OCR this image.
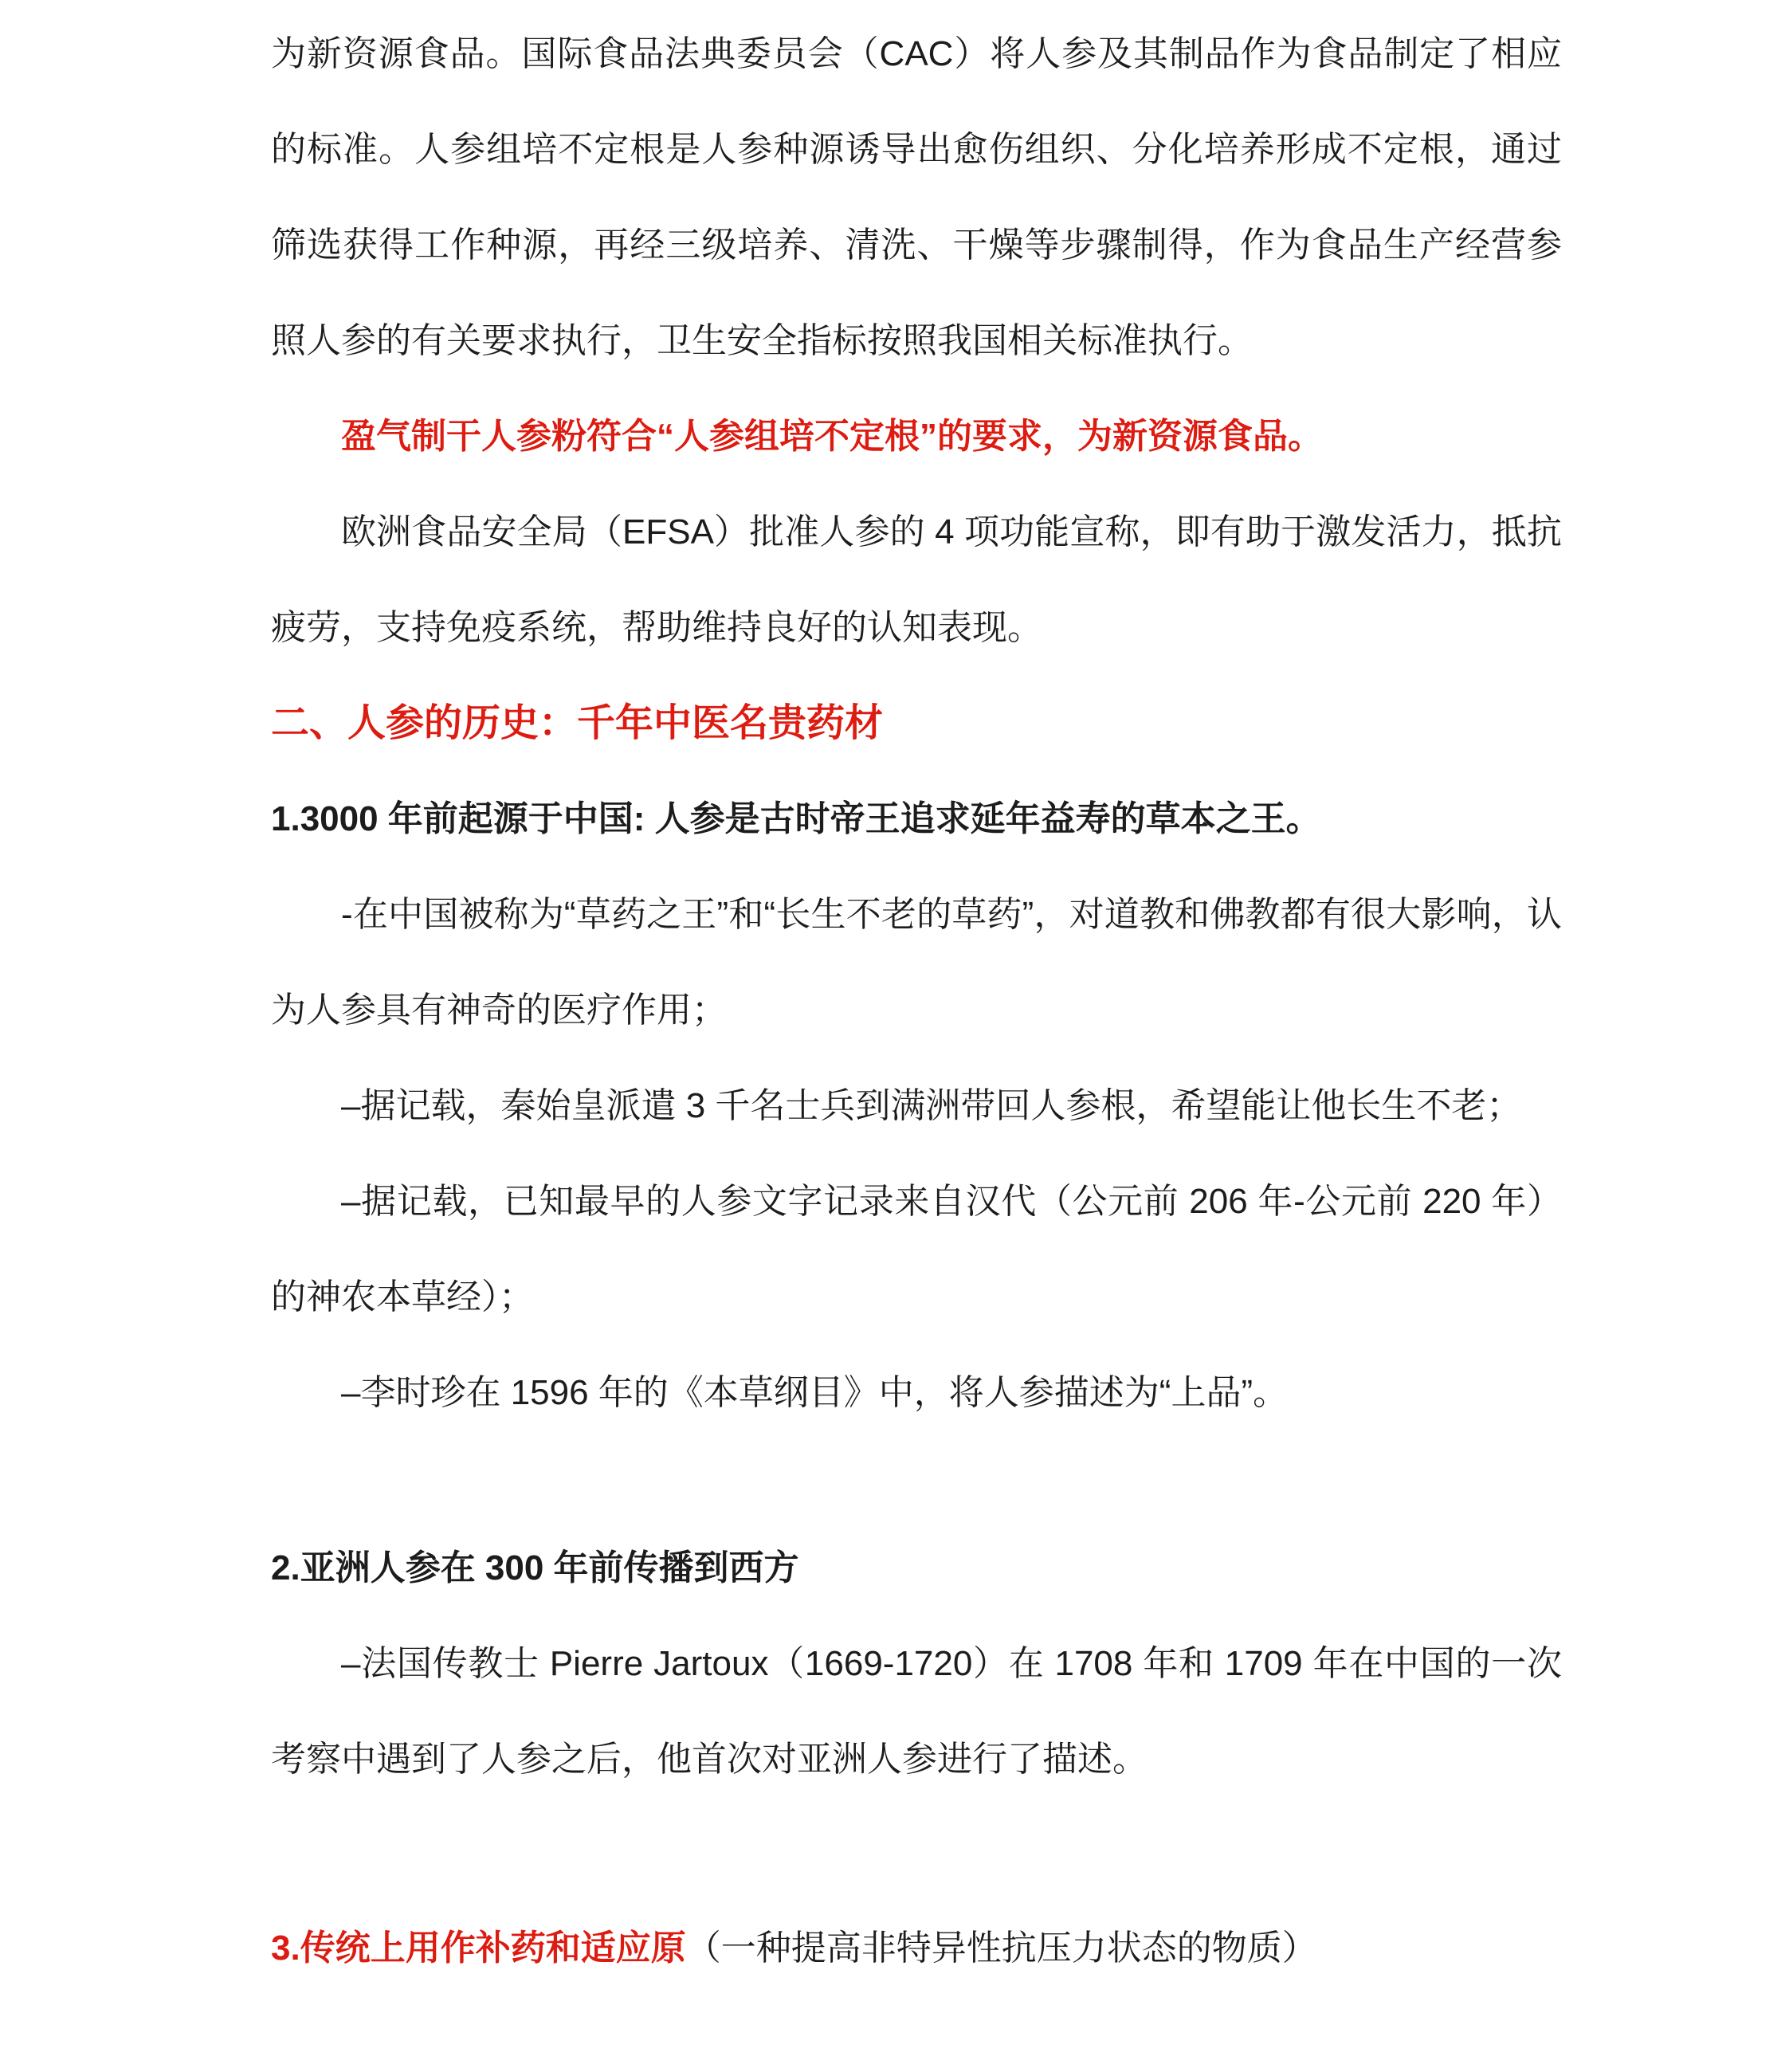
为新资源食品。国际食品法典委员会（CAC）将人参及其制品作为食品制定了相应的标准。人参组培不定根是人参种源诱导出愈伤组织、分化培养形成不定根，通过筛选获得工作种源，再经三级培养、清洗、干燥等步骤制得，作为食品生产经营参照人参的有关要求执行，卫生安全指标按照我国相关标准执行。

盈气制干人参粉符合“人参组培不定根”的要求，为新资源食品。

欧洲食品安全局（EFSA）批准人参的 4 项功能宣称，即有助于激发活力，抵抗疲劳，支持免疫系统，帮助维持良好的认知表现。

二、人参的历史：千年中医名贵药材

1.3000 年前起源于中国: 人参是古时帝王追求延年益寿的草本之王。

-在中国被称为“草药之王”和“长生不老的草药”，对道教和佛教都有很大影响，认为人参具有神奇的医疗作用；

–据记载，秦始皇派遣 3 千名士兵到满洲带回人参根，希望能让他长生不老；

–据记载，已知最早的人参文字记录来自汉代（公元前 206 年-公元前 220 年）的神农本草经）；

–李时珍在 1596 年的《本草纲目》中，将人参描述为“上品”。

2.亚洲人参在 300 年前传播到西方

–法国传教士 Pierre Jartoux（1669-1720）在 1708 年和 1709 年在中国的一次考察中遇到了人参之后，他首次对亚洲人参进行了描述。

3.传统上用作补药和适应原（一种提高非特异性抗压力状态的物质）
